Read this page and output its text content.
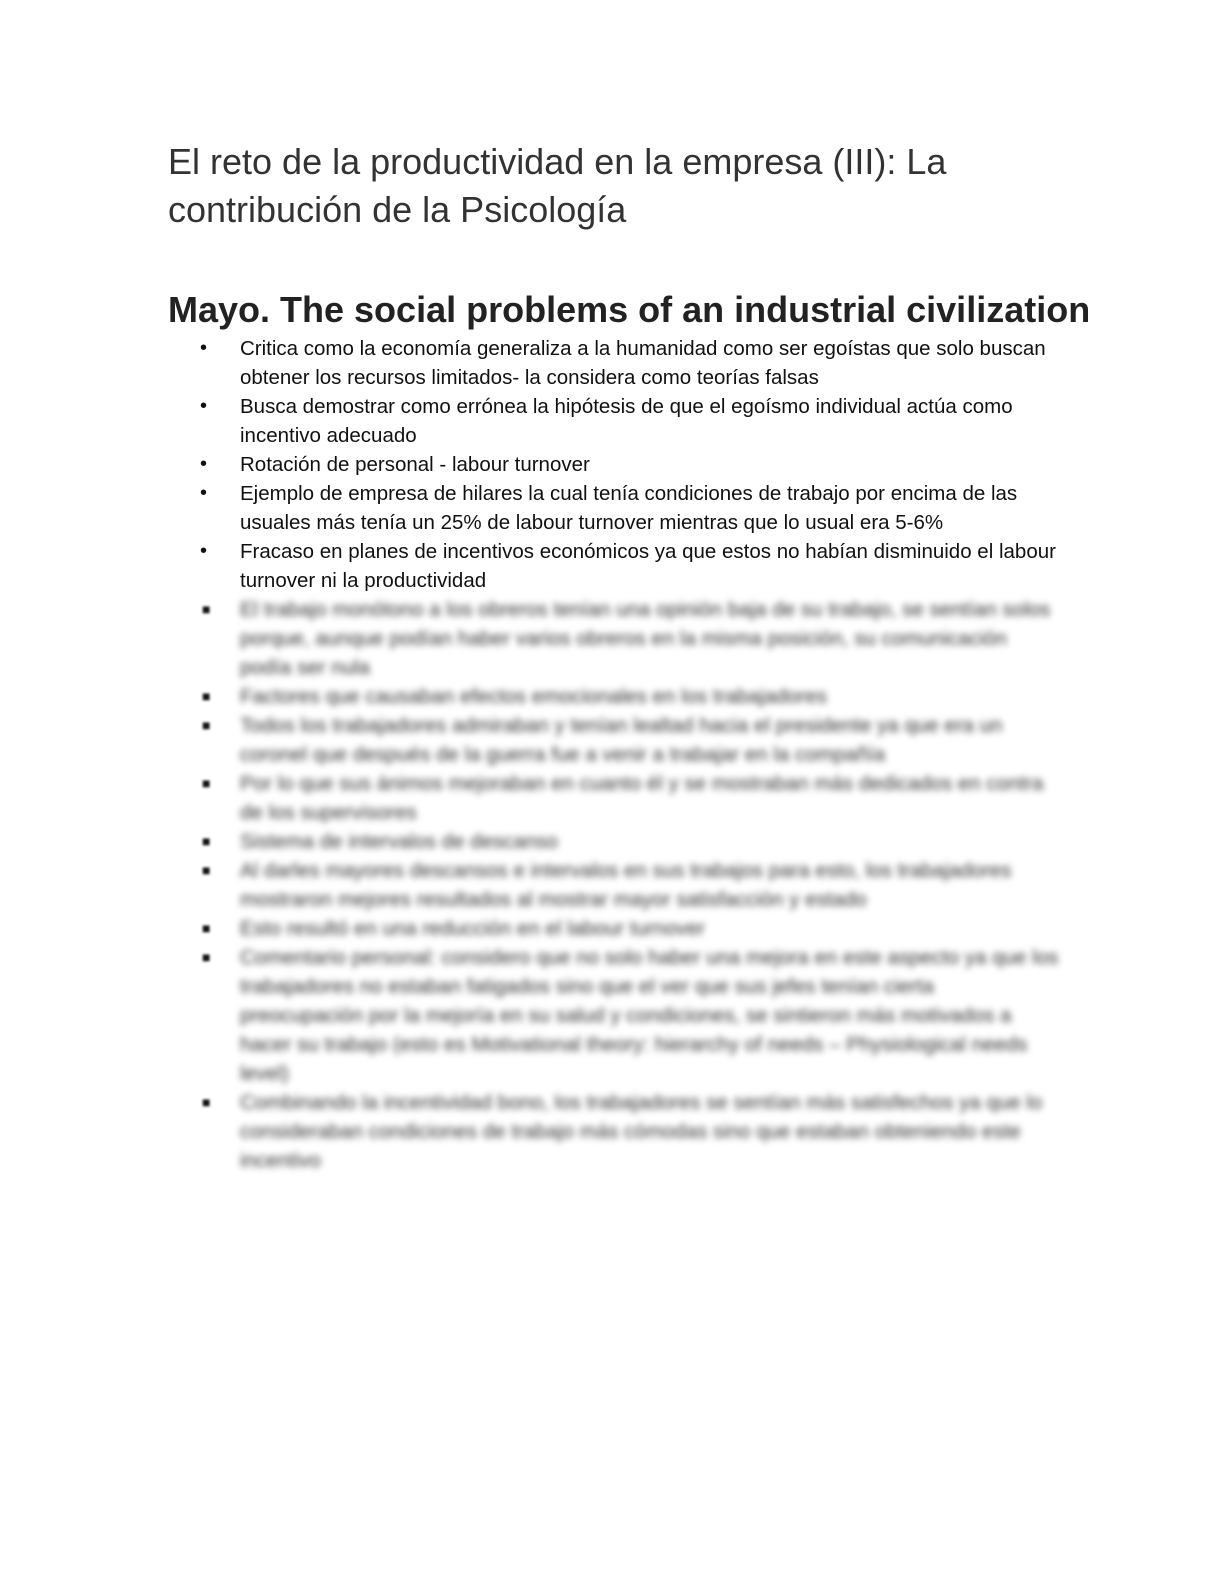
El reto de la productividad en la empresa (III): La contribución de la Psicología
Mayo. The social problems of an industrial civilization
•	Critica como la economía generaliza a la humanidad como ser egoístas que solo buscan obtener los recursos limitados- la considera como teorías falsas
•	Busca demostrar como errónea la hipótesis de que el egoísmo individual actúa como incentivo adecuado
•	Rotación de personal - labour turnover
•	Ejemplo de empresa de hilares la cual tenía condiciones de trabajo por encima de las usuales más tenía un 25% de labour turnover mientras que lo usual era 5-6%
•	Fracaso en planes de incentivos económicos ya que estos no habían disminuido el labour turnover ni la productividad
■	El trabajo monótono a los obreros tenían una opinión baja de su trabajo, se sentían solos porque, aunque podían haber varios obreros en la misma posición, su comunicación podía ser nula
■	Factores que causaban efectos emocionales en los trabajadores
■	Todos los trabajadores admiraban y tenían lealtad hacia el presidente ya que era un coronel que después de la guerra fue a venir a trabajar en la compañía
■	Por lo que sus ánimos mejoraban en cuanto él y se mostraban más dedicados en contra de los supervisores
■	Sistema de intervalos de descanso
■	Al darles mayores descansos e intervalos en sus trabajos para esto, los trabajadores mostraron mejores resultados al mostrar mayor satisfacción y estado
■	Esto resultó en una reducción en el labour turnover
■	Comentario personal: considero que no solo haber una mejora en este aspecto ya que los trabajadores no estaban fatigados sino que el ver que sus jefes tenían cierta preocupación por la mejoría en su salud y condiciones, se sintieron más motivados a hacer su trabajo (esto es Motivational theory: hierarchy of needs – Physiological needs level)
■	Combinando la incentividad bono, los trabajadores se sentían más satisfechos ya que lo consideraban condiciones de trabajo más cómodas sino que estaban obteniendo este incentivo
